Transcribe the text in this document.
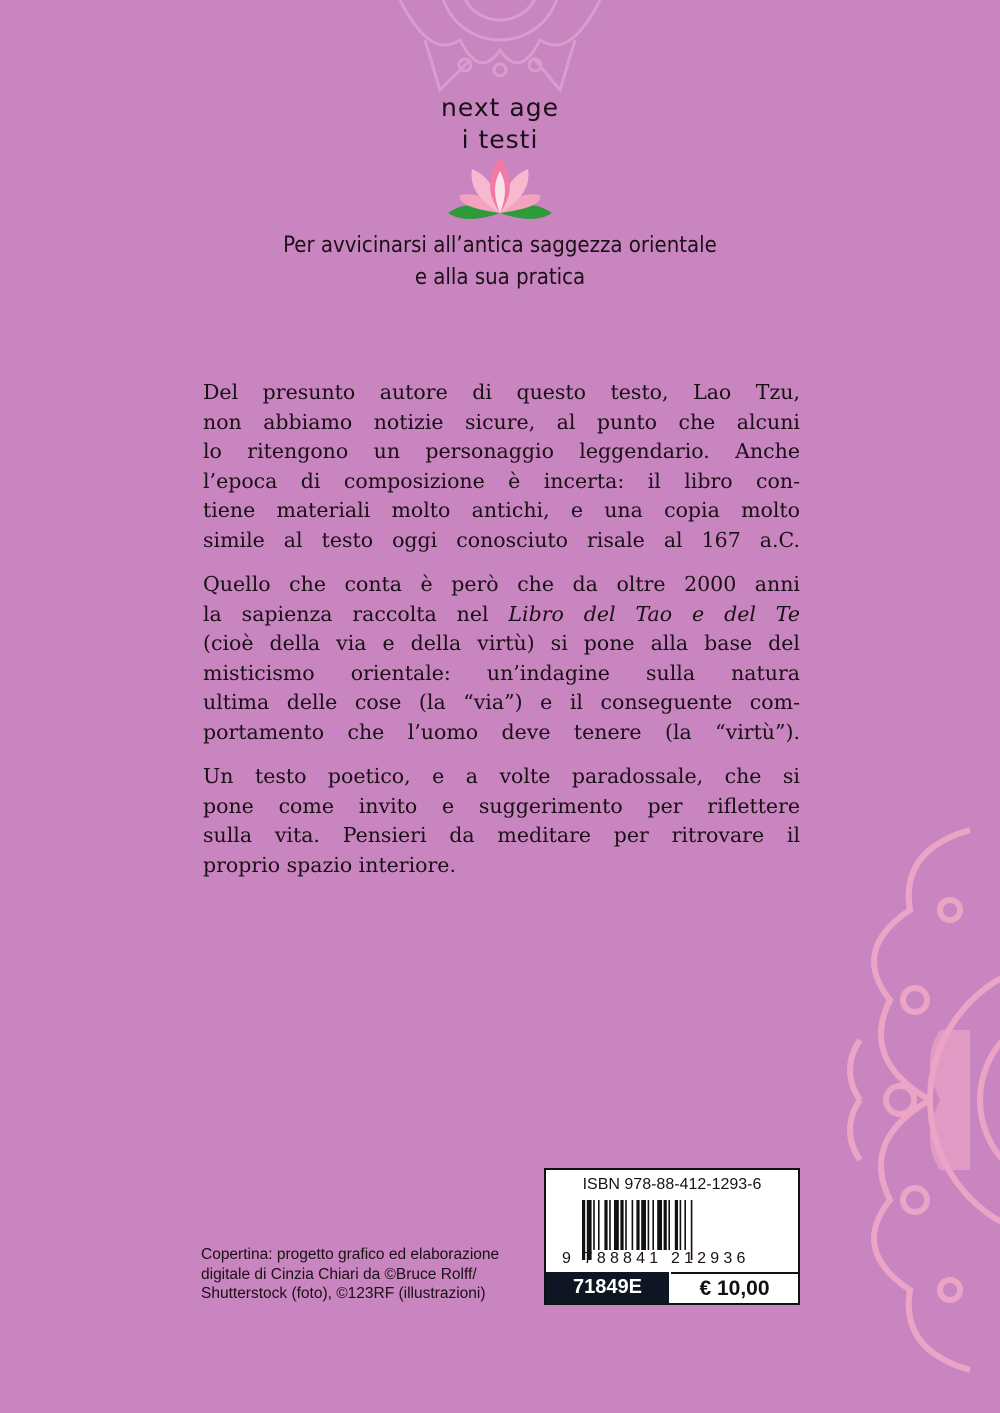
next age
i testi
Per avvicinarsi all’antica saggezza orientale
e alla sua pratica

Del presunto autore di questo testo, Lao Tzu,
non abbiamo notizie sicure, al punto che alcuni
lo ritengono un personaggio leggendario. Anche
l’epoca di composizione è incerta: il libro con-
tiene materiali molto antichi, e una copia molto
simile al testo oggi conosciuto risale al 167 a.C.

Quello che conta è però che da oltre 2000 anni
la sapienza raccolta nel Libro del Tao e del Te
(cioè della via e della virtù) si pone alla base del
misticismo orientale: un’indagine sulla natura
ultima delle cose (la “via”) e il conseguente com-
portamento che l’uomo deve tenere (la “virtù”).

Un testo poetico, e a volte paradossale, che si
pone come invito e suggerimento per riflettere
sulla vita. Pensieri da meditare per ritrovare il
proprio spazio interiore.

Copertina: progetto grafico ed elaborazione
digitale di Cinzia Chiari da ©Bruce Rolff/
Shutterstock (foto), ©123RF (illustrazioni)
ISBN 978-88-412-1293-6
9 788841 212936
71849E	€ 10,00
